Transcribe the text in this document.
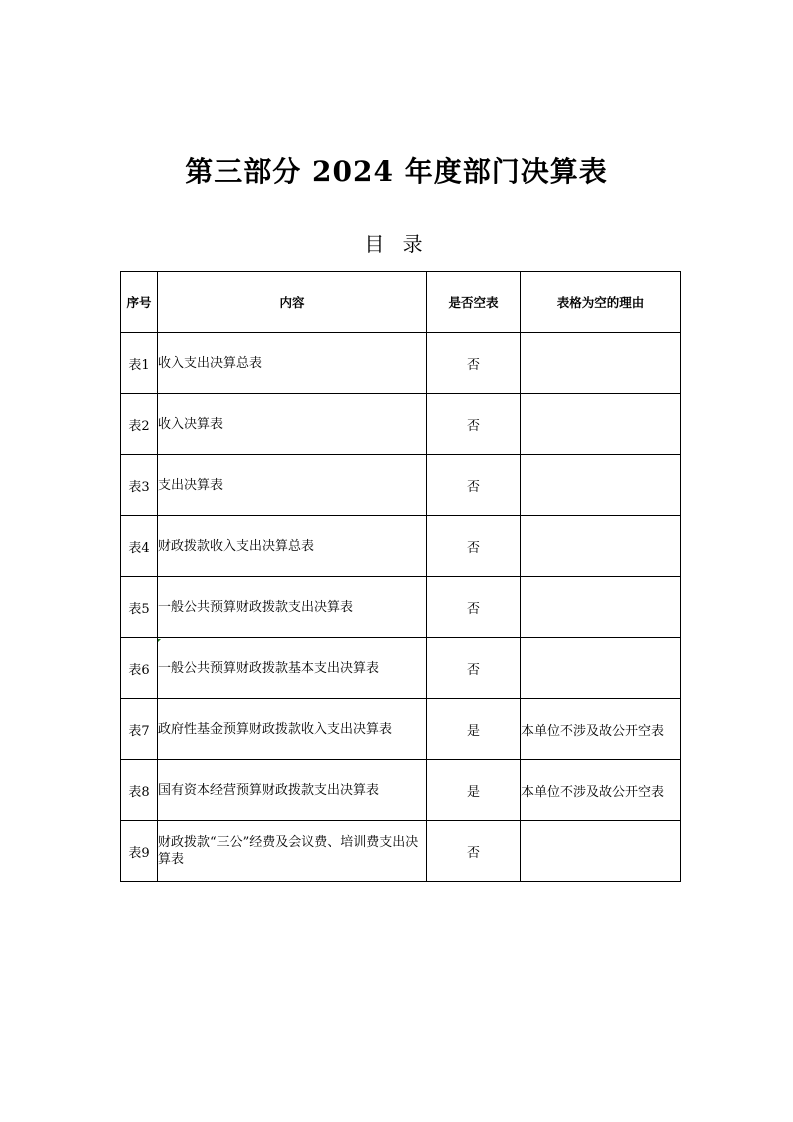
第三部分 2024 年度部门决算表
目 录
序号	内容	是否空表	表格为空的理由
表1	收入支出决算总表	否	
表2	收入决算表	否	
表3	支出决算表	否	
表4	财政拨款收入支出决算总表	否	
表5	一般公共预算财政拨款支出决算表	否	
表6	一般公共预算财政拨款基本支出决算表	否	
表7	政府性基金预算财政拨款收入支出决算表	是	本单位不涉及故公开空表
表8	国有资本经营预算财政拨款支出决算表	是	本单位不涉及故公开空表
表9	财政拨款“三公”经费及会议费、培训费支出决算表	否	
